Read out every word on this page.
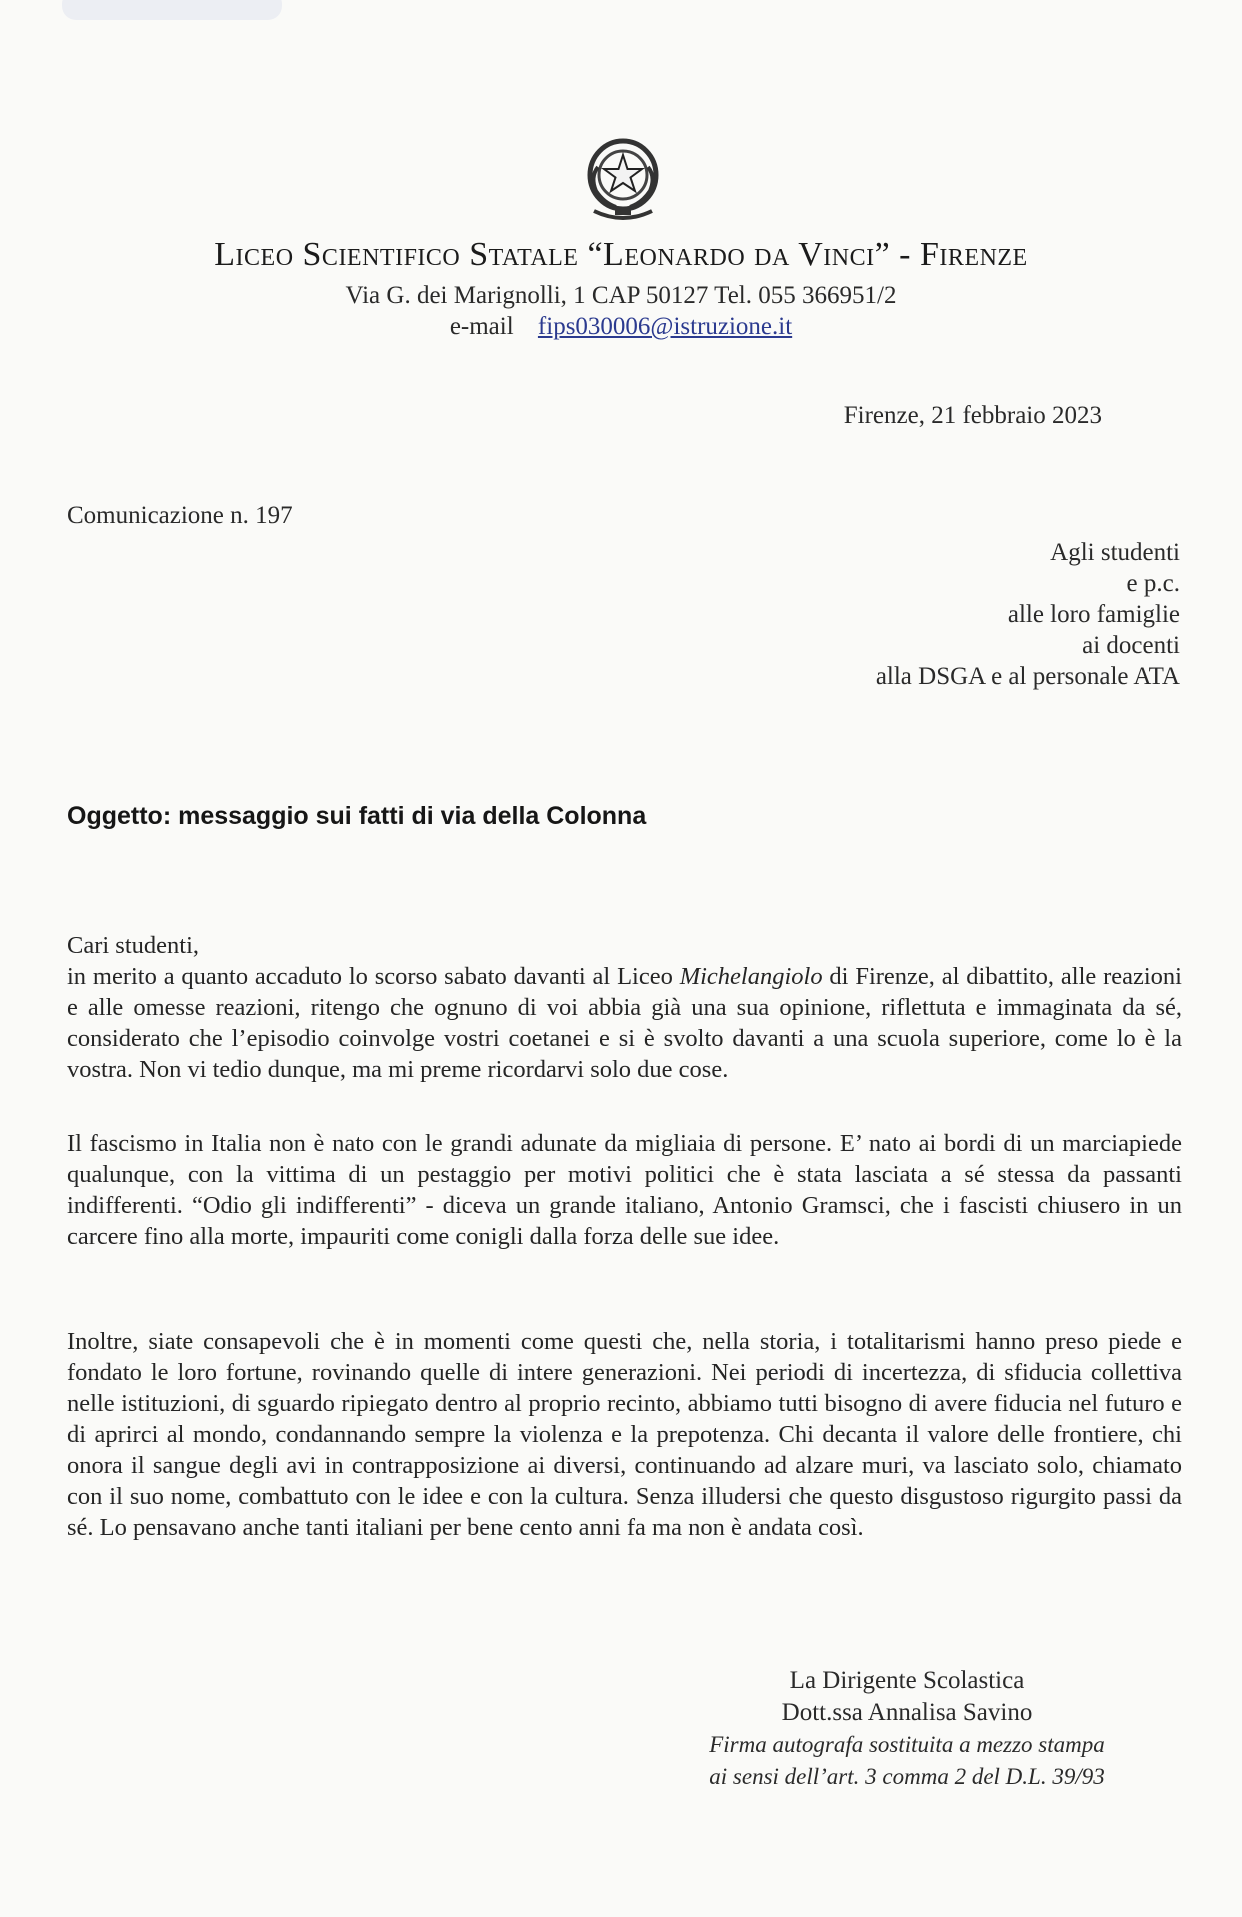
Liceo Scientifico Statale “Leonardo da Vinci” - Firenze
Via G. dei Marignolli, 1 CAP 50127 Tel. 055 366951/2
e-mail fips030006@istruzione.it
Firenze, 21 febbraio 2023
Comunicazione n. 197
Agli studenti
e p.c.
alle loro famiglie
ai docenti
alla DSGA e al personale ATA
Oggetto: messaggio sui fatti di via della Colonna
Cari studenti,
in merito a quanto accaduto lo scorso sabato davanti al Liceo Michelangiolo di Firenze, al dibattito, alle reazioni e alle omesse reazioni, ritengo che ognuno di voi abbia già una sua opinione, riflettuta e immaginata da sé, considerato che l’episodio coinvolge vostri coetanei e si è svolto davanti a una scuola superiore, come lo è la vostra. Non vi tedio dunque, ma mi preme ricordarvi solo due cose.
Il fascismo in Italia non è nato con le grandi adunate da migliaia di persone. E’ nato ai bordi di un marciapiede qualunque, con la vittima di un pestaggio per motivi politici che è stata lasciata a sé stessa da passanti indifferenti. “Odio gli indifferenti” - diceva un grande italiano, Antonio Gramsci, che i fascisti chiusero in un carcere fino alla morte, impauriti come conigli dalla forza delle sue idee.
Inoltre, siate consapevoli che è in momenti come questi che, nella storia, i totalitarismi hanno preso piede e fondato le loro fortune, rovinando quelle di intere generazioni. Nei periodi di incertezza, di sfiducia collettiva nelle istituzioni, di sguardo ripiegato dentro al proprio recinto, abbiamo tutti bisogno di avere fiducia nel futuro e di aprirci al mondo, condannando sempre la violenza e la prepotenza. Chi decanta il valore delle frontiere, chi onora il sangue degli avi in contrapposizione ai diversi, continuando ad alzare muri, va lasciato solo, chiamato con il suo nome, combattuto con le idee e con la cultura. Senza illudersi che questo disgustoso rigurgito passi da sé. Lo pensavano anche tanti italiani per bene cento anni fa ma non è andata così.
La Dirigente Scolastica
Dott.ssa Annalisa Savino
Firma autografa sostituita a mezzo stampa
ai sensi dell’art. 3 comma 2 del D.L. 39/93
